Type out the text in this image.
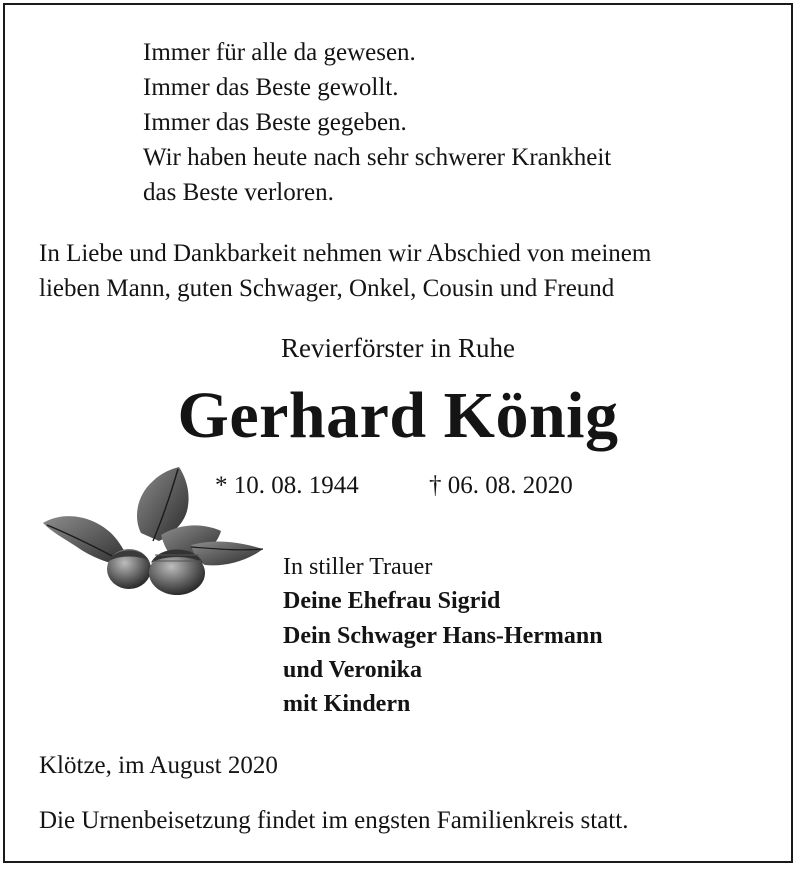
Immer für alle da gewesen.
Immer das Beste gewollt.
Immer das Beste gegeben.
Wir haben heute nach sehr schwerer Krankheit
das Beste verloren.
In Liebe und Dankbarkeit nehmen wir Abschied von meinem
lieben Mann, guten Schwager, Onkel, Cousin und Freund
Revierförster in Ruhe
Gerhard König
* 10. 08. 1944	† 06. 08. 2020
In stiller Trauer
Deine Ehefrau Sigrid
Dein Schwager Hans-Hermann
und Veronika
mit Kindern
Klötze, im August 2020
Die Urnenbeisetzung findet im engsten Familienkreis statt.
